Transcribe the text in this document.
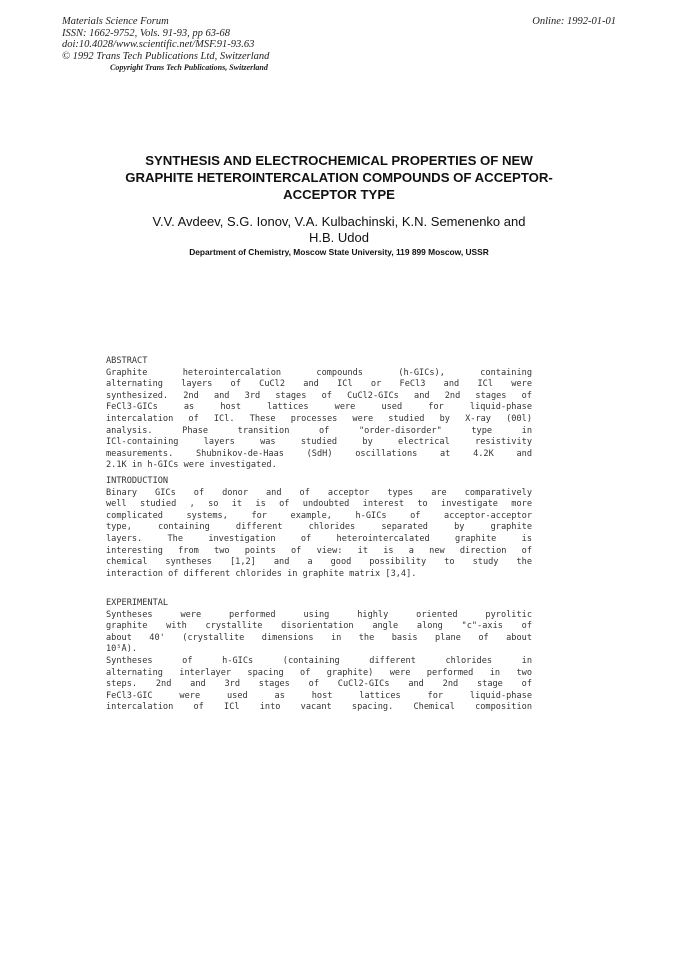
Materials Science Forum
ISSN: 1662-9752, Vols. 91-93, pp 63-68
doi:10.4028/www.scientific.net/MSF.91-93.63
© 1992 Trans Tech Publications Ltd, Switzerland
Copyright Trans Tech Publications, Switzerland
Online: 1992-01-01
SYNTHESIS AND ELECTROCHEMICAL PROPERTIES OF NEW
GRAPHITE HETEROINTERCALATION COMPOUNDS OF ACCEPTOR-
ACCEPTOR TYPE
V.V. Avdeev, S.G. Ionov, V.A. Kulbachinski, K.N. Semenenko and
H.B. Udod
Department of Chemistry, Moscow State University, 119 899 Moscow, USSR
ABSTRACT
Graphite heterointercalation compounds (h-GICs), containing
alternating layers of CuCl2 and ICl or FeCl3 and ICl were
synthesized. 2nd and 3rd stages of CuCl2-GICs and 2nd stages of
FeCl3-GICs as host lattices were used for liquid-phase
intercalation of ICl. These processes were studied by X-ray (00l)
analysis. Phase transition of "order-disorder" type in
ICl-containing layers was studied by electrical resistivity
measurements. Shubnikov-de-Haas (SdH) oscillations at 4.2K and
2.1K in h-GICs were investigated.
INTRODUCTION
Binary GICs of donor and of acceptor types are comparatively
well studied , so it is of undoubted interest to investigate more
complicated systems, for example, h-GICs of acceptor-acceptor
type, containing different chlorides separated by graphite
layers. The investigation of heterointercalated graphite is
interesting from two points of view: it is a new direction of
chemical syntheses [1,2] and a good possibility to study the
interaction of different chlorides in graphite matrix [3,4].
EXPERIMENTAL
Syntheses were performed using highly oriented pyrolitic
graphite with crystallite disorientation angle along "c"-axis of
about 40' (crystallite dimensions in the basis plane of about
10⁵Å).
Syntheses of h-GICs (containing different chlorides in
alternating interlayer spacing of graphite) were performed in two
steps. 2nd and 3rd stages of CuCl2-GICs and 2nd stage of
FeCl3-GIC were used as host lattices for liquid-phase
intercalation of ICl into vacant spacing. Chemical composition
